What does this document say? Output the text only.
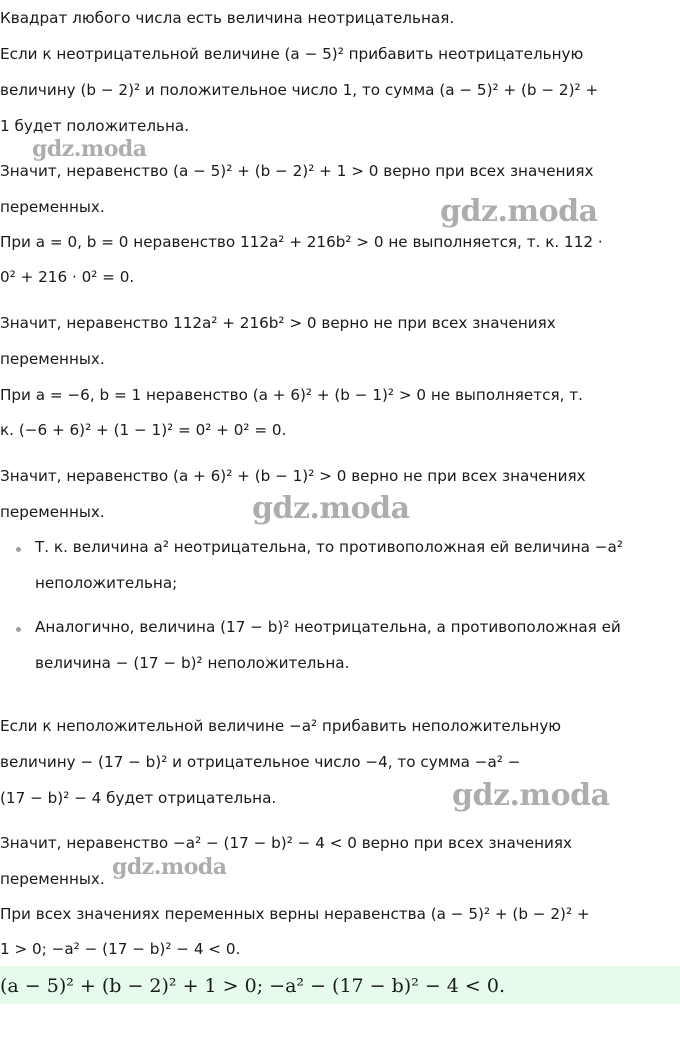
Квадрат любого числа есть величина неотрицательная.
Если к неотрицательной величине (a − 5)² прибавить неотрицательную
величину (b − 2)² и положительное число 1, то сумма (a − 5)² + (b − 2)² +
1 будет положительна.
Значит, неравенство (a − 5)² + (b − 2)² + 1 > 0 верно при всех значениях
переменных.
При a = 0, b = 0 неравенство 112a² + 216b² > 0 не выполняется, т. к. 112 ·
0² + 216 · 0² = 0.
Значит, неравенство 112a² + 216b² > 0 верно не при всех значениях
переменных.
При a = −6, b = 1 неравенство (a + 6)² + (b − 1)² > 0 не выполняется, т.
к. (−6 + 6)² + (1 − 1)² = 0² + 0² = 0.
Значит, неравенство (a + 6)² + (b − 1)² > 0 верно не при всех значениях
переменных.
Т. к. величина a² неотрицательна, то противоположная ей величина −a²
неположительна;
Аналогично, величина (17 − b)² неотрицательна, а противоположная ей
величина − (17 − b)² неположительна.
Если к неположительной величине −a² прибавить неположительную
величину − (17 − b)² и отрицательное число −4, то сумма −a² −
(17 − b)² − 4 будет отрицательна.
Значит, неравенство −a² − (17 − b)² − 4 < 0 верно при всех значениях
переменных.
При всех значениях переменных верны неравенства (a − 5)² + (b − 2)² +
1 > 0; −a² − (17 − b)² − 4 < 0.
(a − 5)² + (b − 2)² + 1 > 0; −a² − (17 − b)² − 4 < 0.
gdz.moda
gdz.moda
gdz.moda
gdz.moda
gdz.moda
